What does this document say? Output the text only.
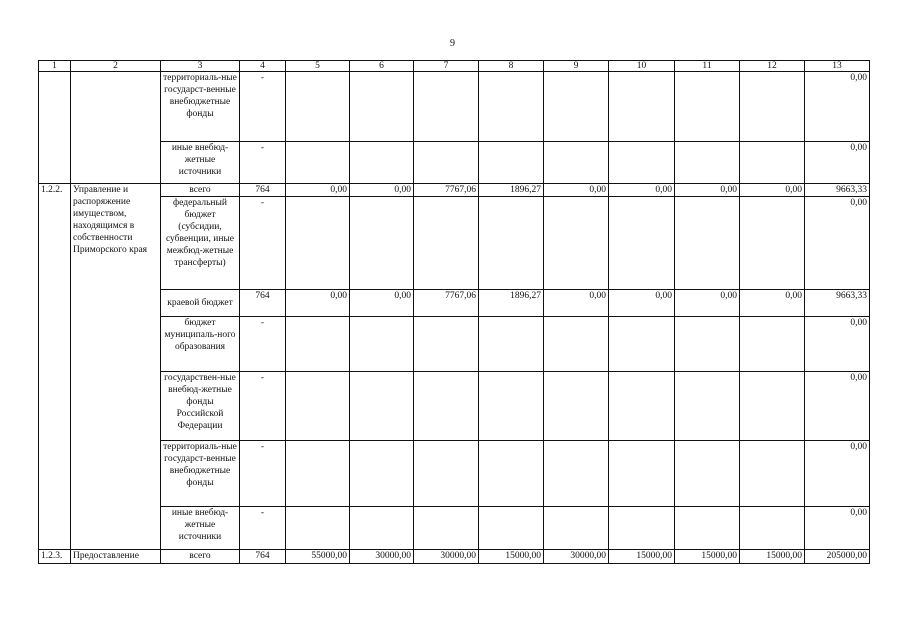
9
1	2	3	4	5	6	7	8	9	10	11	12	13
		территориаль-ные государст-венные внебюджетные фонды	-									0,00
		иные внебюд-жетные источники	-									0,00
1.2.2.	Управление и распоряжение имуществом, находящимся в собственности Приморского края	всего	764	0,00	0,00	7767,06	1896,27	0,00	0,00	0,00	0,00	9663,33
		федеральный бюджет (субсидии, субвенции, иные межбюд-жетные трансферты)	-									0,00
		краевой бюджет	764	0,00	0,00	7767,06	1896,27	0,00	0,00	0,00	0,00	9663,33
		бюджет муниципаль-ного образования	-									0,00
		государствен-ные внебюд-жетные фонды Российской Федерации	-									0,00
		территориаль-ные государст-венные внебюджетные фонды	-									0,00
		иные внебюд-жетные источники	-									0,00
1.2.3.	Предоставление	всего	764	55000,00	30000,00	30000,00	15000,00	30000,00	15000,00	15000,00	15000,00	205000,00
